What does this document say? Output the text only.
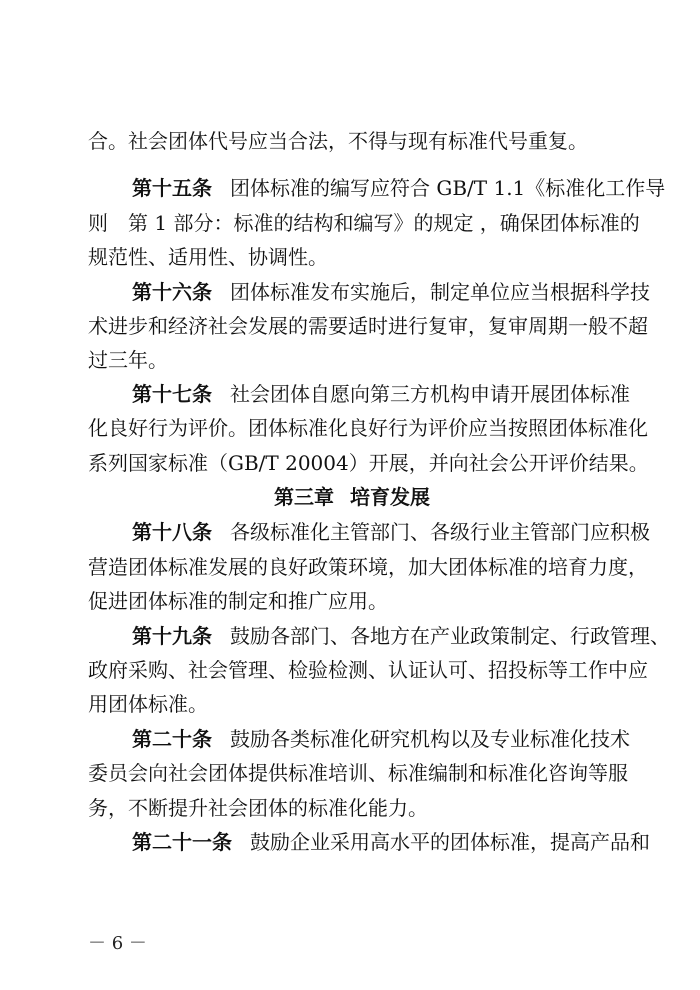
合。社会团体代号应当合法，不得与现有标准代号重复。
第十五条 团体标准的编写应符合 GB/T 1.1《标准化工作导
则　第 1 部分：标准的结构和编写》的规定 ，确保团体标准的
规范性、适用性、协调性。
第十六条 团体标准发布实施后，制定单位应当根据科学技
术进步和经济社会发展的需要适时进行复审，复审周期一般不超
过三年。
第十七条 社会团体自愿向第三方机构申请开展团体标准
化良好行为评价。团体标准化良好行为评价应当按照团体标准化
系列国家标准（GB/T 20004）开展，并向社会公开评价结果。
第三章 培育发展
第十八条 各级标准化主管部门、各级行业主管部门应积极
营造团体标准发展的良好政策环境，加大团体标准的培育力度，
促进团体标准的制定和推广应用。
第十九条 鼓励各部门、各地方在产业政策制定、行政管理、
政府采购、社会管理、检验检测、认证认可、招投标等工作中应
用团体标准。
第二十条 鼓励各类标准化研究机构以及专业标准化技术
委员会向社会团体提供标准培训、标准编制和标准化咨询等服
务，不断提升社会团体的标准化能力。
第二十一条 鼓励企业采用高水平的团体标准，提高产品和
－ 6 －
